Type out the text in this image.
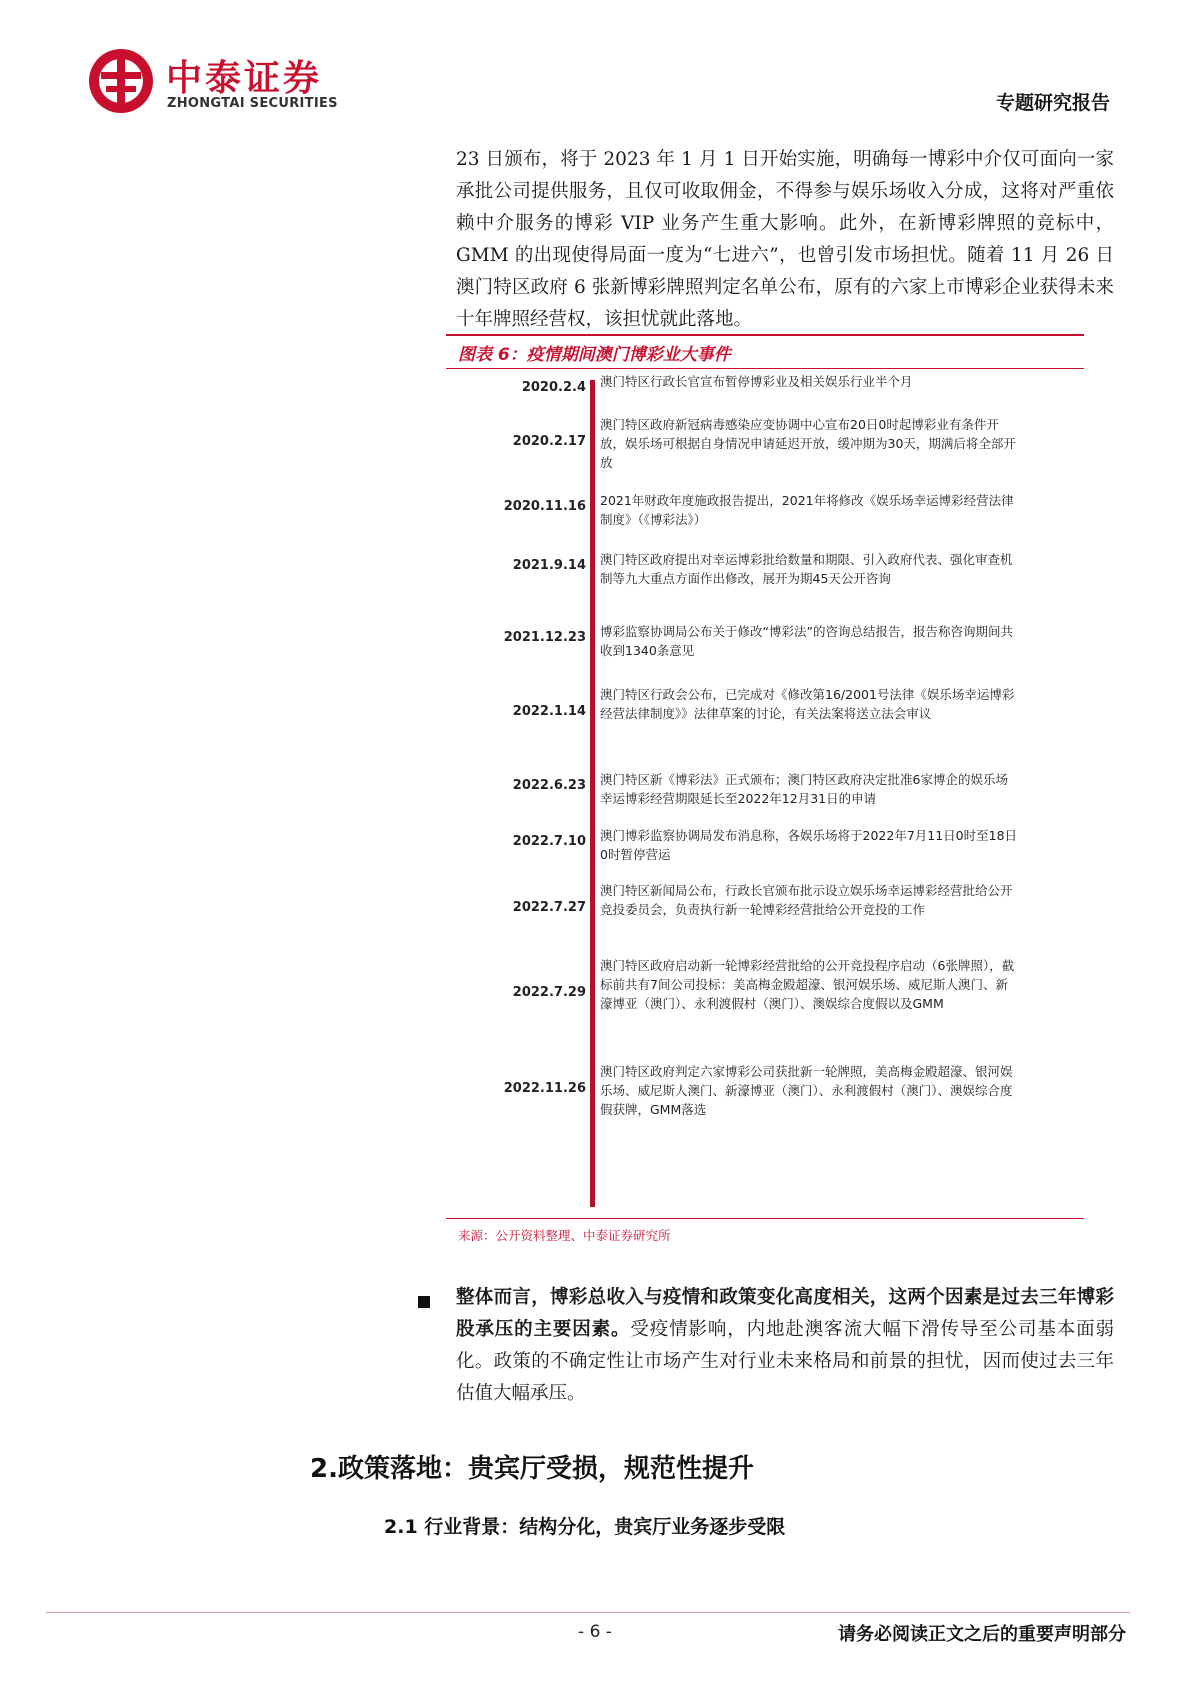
中泰证券
ZHONGTAI SECURITIES	专题研究报告

23 日颁布，将于 2023 年 1 月 1 日开始实施，明确每一博彩中介仅可面向一家承批公司提供服务，且仅可收取佣金，不得参与娱乐场收入分成，这将对严重依赖中介服务的博彩 VIP 业务产生重大影响。此外，在新博彩牌照的竞标中，GMM 的出现使得局面一度为“七进六”，也曾引发市场担忧。随着 11 月 26 日澳门特区政府 6 张新博彩牌照判定名单公布，原有的六家上市博彩企业获得未来十年牌照经营权，该担忧就此落地。

图表 6：疫情期间澳门博彩业大事件
2020.2.4 澳门特区行政长官宣布暂停博彩业及相关娱乐行业半个月
2020.2.17
澳门特区政府新冠病毒感染应变协调中心宣布20日0时起博彩业有条件开放，娱乐场可根据自身情况申请延迟开放，缓冲期为30天，期满后将全部开放
2020.11.16 2021年财政年度施政报告提出，2021年将修改《娱乐场幸运博彩经营法律制度》（《博彩法》）
2021.9.14 澳门特区政府提出对幸运博彩批给数量和期限、引入政府代表、强化审查机制等九大重点方面作出修改，展开为期45天公开咨询
2021.12.23 博彩监察协调局公布关于修改“博彩法”的咨询总结报告，报告称咨询期间共收到1340条意见
2022.1.14
澳门特区行政会公布，已完成对《修改第16/2001号法律《娱乐场幸运博彩经营法律制度》》法律草案的讨论，有关法案将送立法会审议
2022.6.23 澳门特区新《博彩法》正式颁布；澳门特区政府决定批准6家博企的娱乐场幸运博彩经营期限延长至2022年12月31日的申请
2022.7.10 澳门博彩监察协调局发布消息称，各娱乐场将于2022年7月11日0时至18日0时暂停营运
2022.7.27
澳门特区新闻局公布，行政长官颁布批示设立娱乐场幸运博彩经营批给公开竞投委员会，负责执行新一轮博彩经营批给公开竞投的工作
2022.7.29
澳门特区政府启动新一轮博彩经营批给的公开竞投程序启动（6张牌照），截标前共有7间公司投标：美高梅金殿超濠、银河娱乐场、威尼斯人澳门、新濠博亚（澳门）、永利渡假村（澳门）、澳娱综合度假以及GMM
2022.11.26
澳门特区政府判定六家博彩公司获批新一轮牌照，美高梅金殿超濠、银河娱乐场、威尼斯人澳门、新濠博亚（澳门）、永利渡假村（澳门）、澳娱综合度假获牌，GMM落选
来源：公开资料整理、中泰证券研究所

整体而言，博彩总收入与疫情和政策变化高度相关，这两个因素是过去三年博彩股承压的主要因素。受疫情影响，内地赴澳客流大幅下滑传导至公司基本面弱化。政策的不确定性让市场产生对行业未来格局和前景的担忧，因而使过去三年估值大幅承压。

2.政策落地：贵宾厅受损，规范性提升
2.1 行业背景：结构分化，贵宾厅业务逐步受限
- 6 -	请务必阅读正文之后的重要声明部分
